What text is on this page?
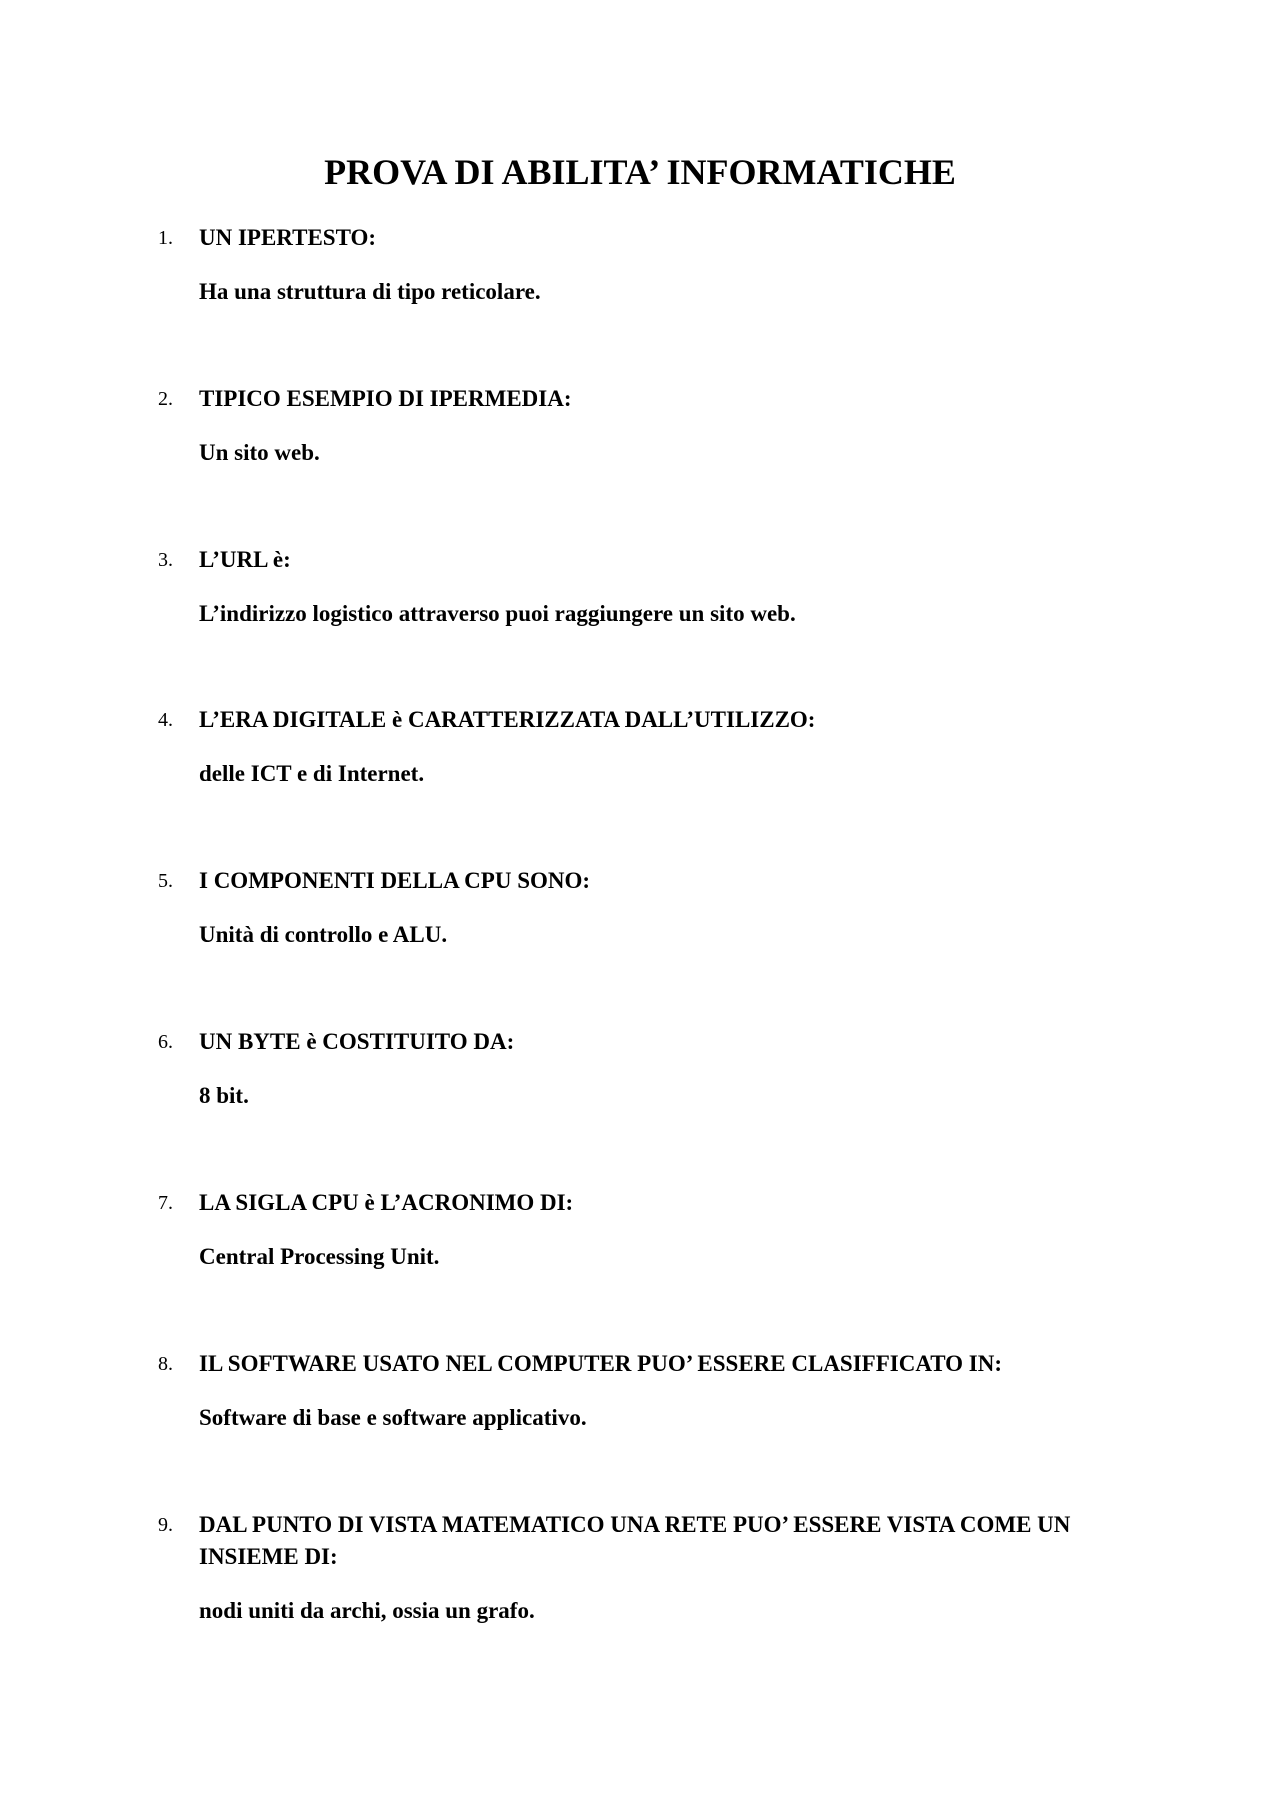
PROVA DI ABILITA’ INFORMATICHE
1. UN IPERTESTO:
Ha una struttura di tipo reticolare.
2. TIPICO ESEMPIO DI IPERMEDIA:
Un sito web.
3. L’URL è:
L’indirizzo logistico attraverso puoi raggiungere un sito web.
4. L’ERA DIGITALE è CARATTERIZZATA DALL’UTILIZZO:
delle ICT e di Internet.
5. I COMPONENTI DELLA CPU SONO:
Unità di controllo e ALU.
6. UN BYTE è COSTITUITO DA:
8 bit.
7. LA SIGLA CPU è L’ACRONIMO DI:
Central Processing Unit.
8. IL SOFTWARE USATO NEL COMPUTER PUO’ ESSERE CLASIFFICATO IN:
Software di base e software applicativo.
9. DAL PUNTO DI VISTA MATEMATICO UNA RETE PUO’ ESSERE VISTA COME UN INSIEME DI:
nodi uniti da archi, ossia un grafo.
